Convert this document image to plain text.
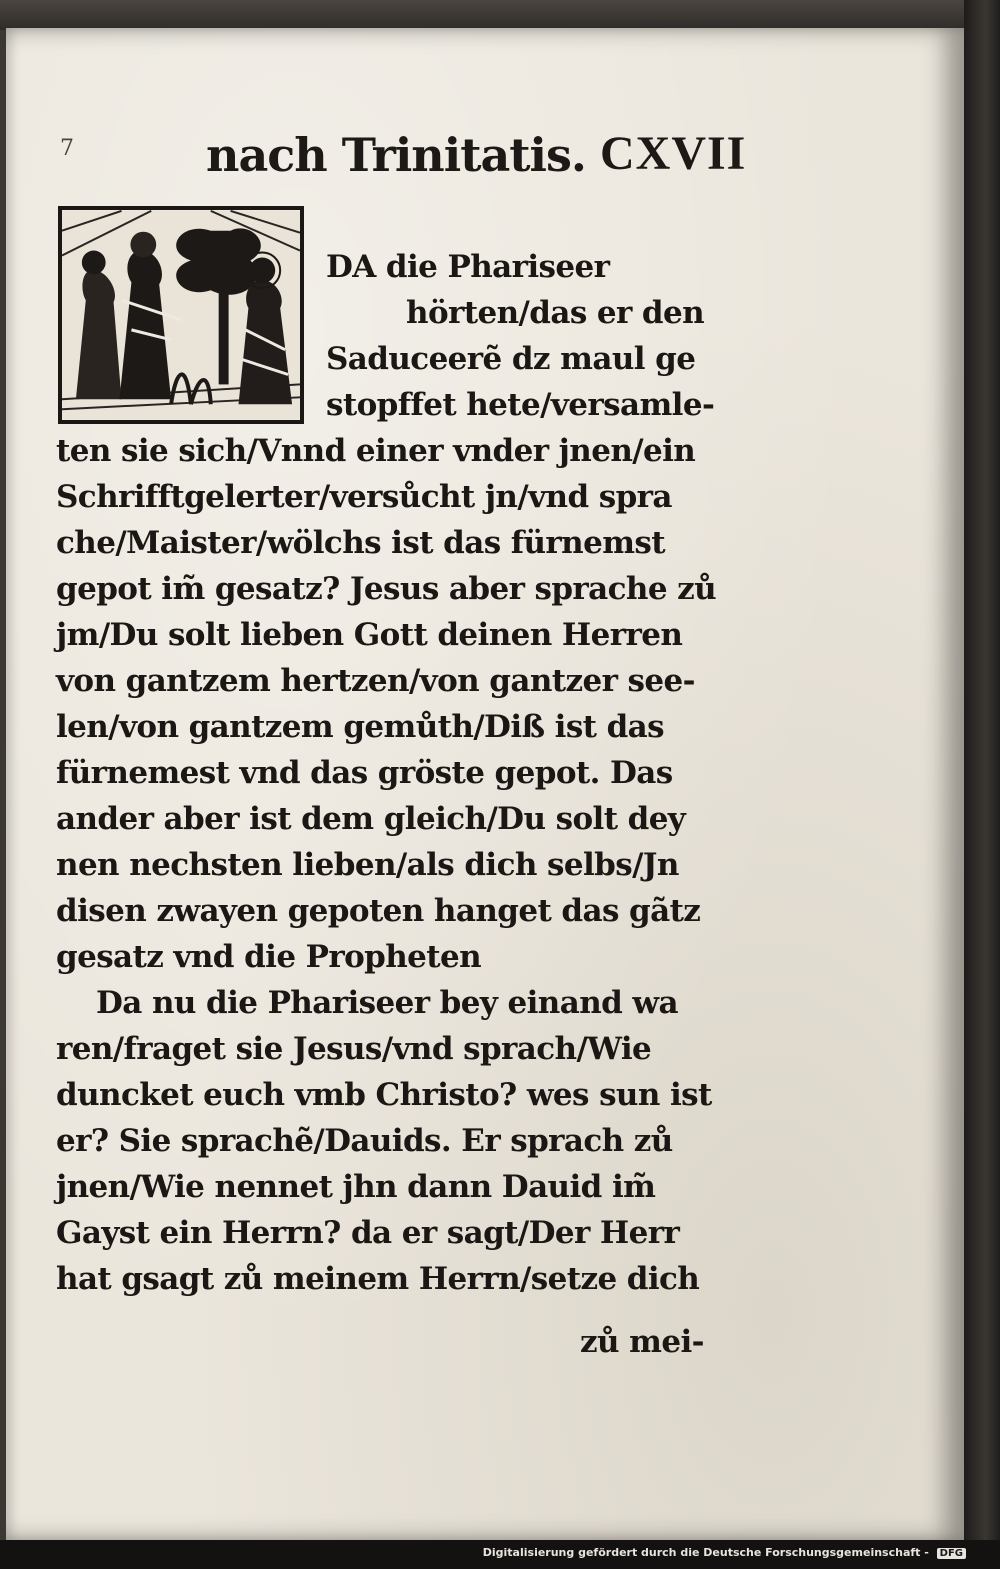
7	nach Trinitatis. CXVII
DA die Phariseer
hörten/das er den
Saduceerẽ dz maul ge
stopffet hete/versamle-
ten sie sich/Vnnd einer vnder jnen/ein
Schrifftgelerter/versůcht jn/vnd spra
che/Maister/wölchs ist das fürnemst
gepot im̃ gesatz? Jesus aber sprache zů
jm/Du solt lieben Gott deinen Herren
von gantzem hertzen/von gantzer see-
len/von gantzem gemůth/Diß ist das
fürnemest vnd das gröste gepot. Das
ander aber ist dem gleich/Du solt dey
nen nechsten lieben/als dich selbs/Jn
disen zwayen gepoten hanget das gãtz
gesatz vnd die Propheten
Da nu die Phariseer bey einand wa
ren/fraget sie Jesus/vnd sprach/Wie
duncket euch vmb Christo? wes sun ist
er? Sie sprachẽ/Dauids. Er sprach zů
jnen/Wie nennet jhn dann Dauid im̃
Gayst ein Herrn? da er sagt/Der Herr
hat gsagt zů meinem Herrn/setze dich
zů mei-
Digitalisierung gefördert durch die Deutsche Forschungsgemeinschaft - DFG
